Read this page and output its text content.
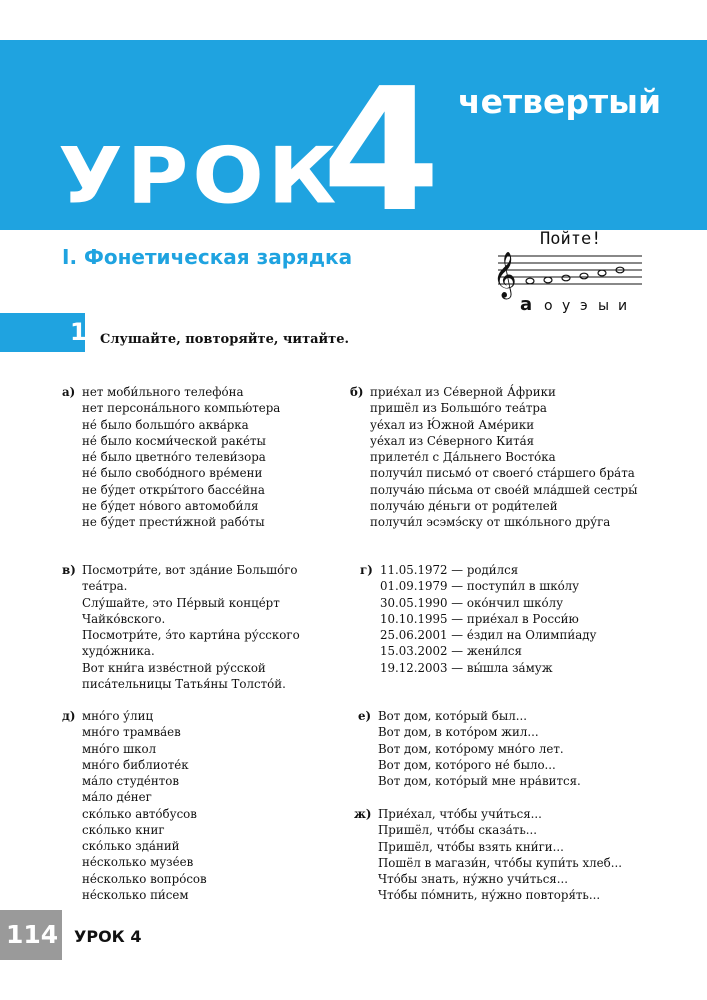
УРОК
4 четвертый
I. Фонетическая зарядка
Пойте!
𝄞
а о у э ы и
1 Слушайте, повторяйте, читайте.
а) нет моби́льного телефо́на
нет персона́льного компью́тера
не́ было большо́го аква́рка
не́ было косми́ческой раке́ты
не́ было цветно́го телеви́зора
не́ было свобо́дного вре́мени
не бу́дет откры́того бассе́йна
не бу́дет но́вого автомоби́ля
не бу́дет прести́жной рабо́ты
б) прие́хал из Се́верной А́фрики
пришёл из Большо́го теа́тра
уе́хал из Ю́жной Аме́рики
уе́хал из Се́верного Кита́я
прилете́л с Да́льнего Восто́ка
получи́л письмо́ от своего́ ста́ршего бра́та
получа́ю пи́сьма от свое́й мла́дшей сестры́
получа́ю де́ньги от роди́телей
получи́л эсэмэ́ску от шко́льного дру́га
в) Посмотри́те, вот зда́ние Большо́го
теа́тра.
Слу́шайте, это Пе́рвый конце́рт
Чайко́вского.
Посмотри́те, э́то карти́на ру́сского
худо́жника.
Вот кни́га изве́стной ру́сской
писа́тельницы Татья́ны Толсто́й.
г) 11.05.1972 — роди́лся
01.09.1979 — поступи́л в шко́лу
30.05.1990 — око́нчил шко́лу
10.10.1995 — прие́хал в Росси́ю
25.06.2001 — е́здил на Олимпи́аду
15.03.2002 — жени́лся
19.12.2003 — вы́шла за́муж
д) мно́го у́лиц
мно́го трамва́ев
мно́го школ
мно́го библиоте́к
ма́ло студе́нтов
ма́ло де́нег
ско́лько авто́бусов
ско́лько книг
ско́лько зда́ний
не́сколько музе́ев
не́сколько вопро́сов
не́сколько пи́сем
е) Вот дом, кото́рый был...
Вот дом, в кото́ром жил...
Вот дом, кото́рому мно́го лет.
Вот дом, кото́рого не́ было...
Вот дом, кото́рый мне нра́вится.
ж) Прие́хал, что́бы учи́ться...
Пришёл, что́бы сказа́ть...
Пришёл, что́бы взять кни́ги...
Пошёл в магази́н, что́бы купи́ть хлеб...
Что́бы знать, ну́жно учи́ться...
Что́бы по́мнить, ну́жно повторя́ть...
114 УРОК 4
